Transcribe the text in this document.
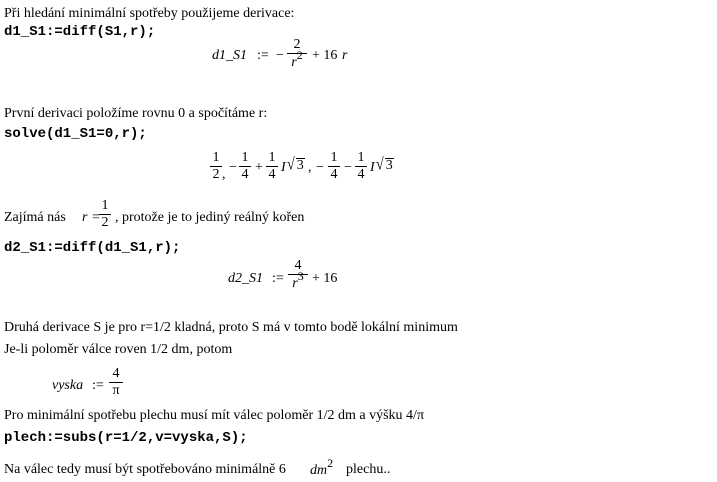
Při hledání minimální spotřeby použijeme derivace:
d1_S1:=diff(S1,r);
d1_S1 := − $\frac{2}{r2} + 16$ r
První derivaci položíme rovnu 0 a spočítáme r:
solve(d1_S1=0,r);
$\frac{1}{2}$ , − $\frac{1}{4} + \frac{1}{4}$ I √ 3 , − $\frac{1}{4} - \frac{1}{4}$ I √ 3
Zajímá nás $r = \frac{1}{2}$ , protože je to jediný reálný kořen
d2_S1:=diff(d1_S1,r);
d2_S1 := $\frac{4}{r3} + 16$
Druhá derivace S je pro r=1/2 kladná, proto S má v tomto bodě lokální minimum
Je-li poloměr válce roven 1/2 dm, potom
vyska := $\frac{4}{\pi}$
Pro minimální spotřebu plechu musí mít válec poloměr 1/2 dm a výšku 4/π
plech:=subs(r=1/2,v=vyska,S);
Na válec tedy musí být spotřebováno minimálně 6 dm2 plechu..
